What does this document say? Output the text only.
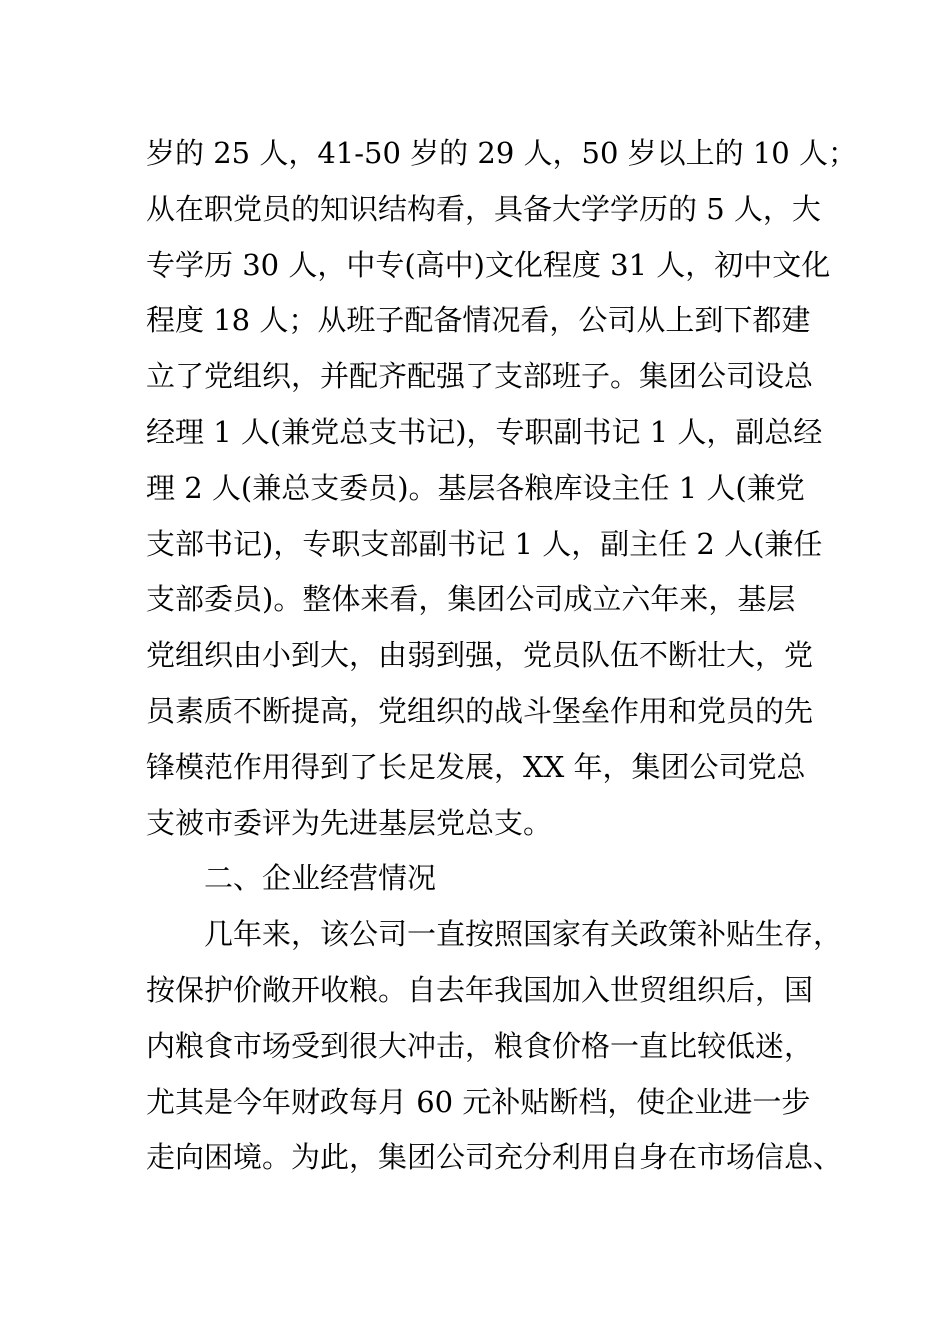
岁的 25 人，41-50 岁的 29 人，50 岁以上的 10 人；
从在职党员的知识结构看，具备大学学历的 5 人，大
专学历 30 人，中专(高中)文化程度 31 人，初中文化
程度 18 人；从班子配备情况看，公司从上到下都建
立了党组织，并配齐配强了支部班子。集团公司设总
经理 1 人(兼党总支书记)，专职副书记 1 人，副总经
理 2 人(兼总支委员)。基层各粮库设主任 1 人(兼党
支部书记)，专职支部副书记 1 人，副主任 2 人(兼任
支部委员)。整体来看，集团公司成立六年来，基层
党组织由小到大，由弱到强，党员队伍不断壮大，党
员素质不断提高，党组织的战斗堡垒作用和党员的先
锋模范作用得到了长足发展，XX 年，集团公司党总
支被市委评为先进基层党总支。
二、企业经营情况
几年来，该公司一直按照国家有关政策补贴生存，
按保护价敞开收粮。自去年我国加入世贸组织后，国
内粮食市场受到很大冲击，粮食价格一直比较低迷，
尤其是今年财政每月 60 元补贴断档，使企业进一步
走向困境。为此，集团公司充分利用自身在市场信息、
